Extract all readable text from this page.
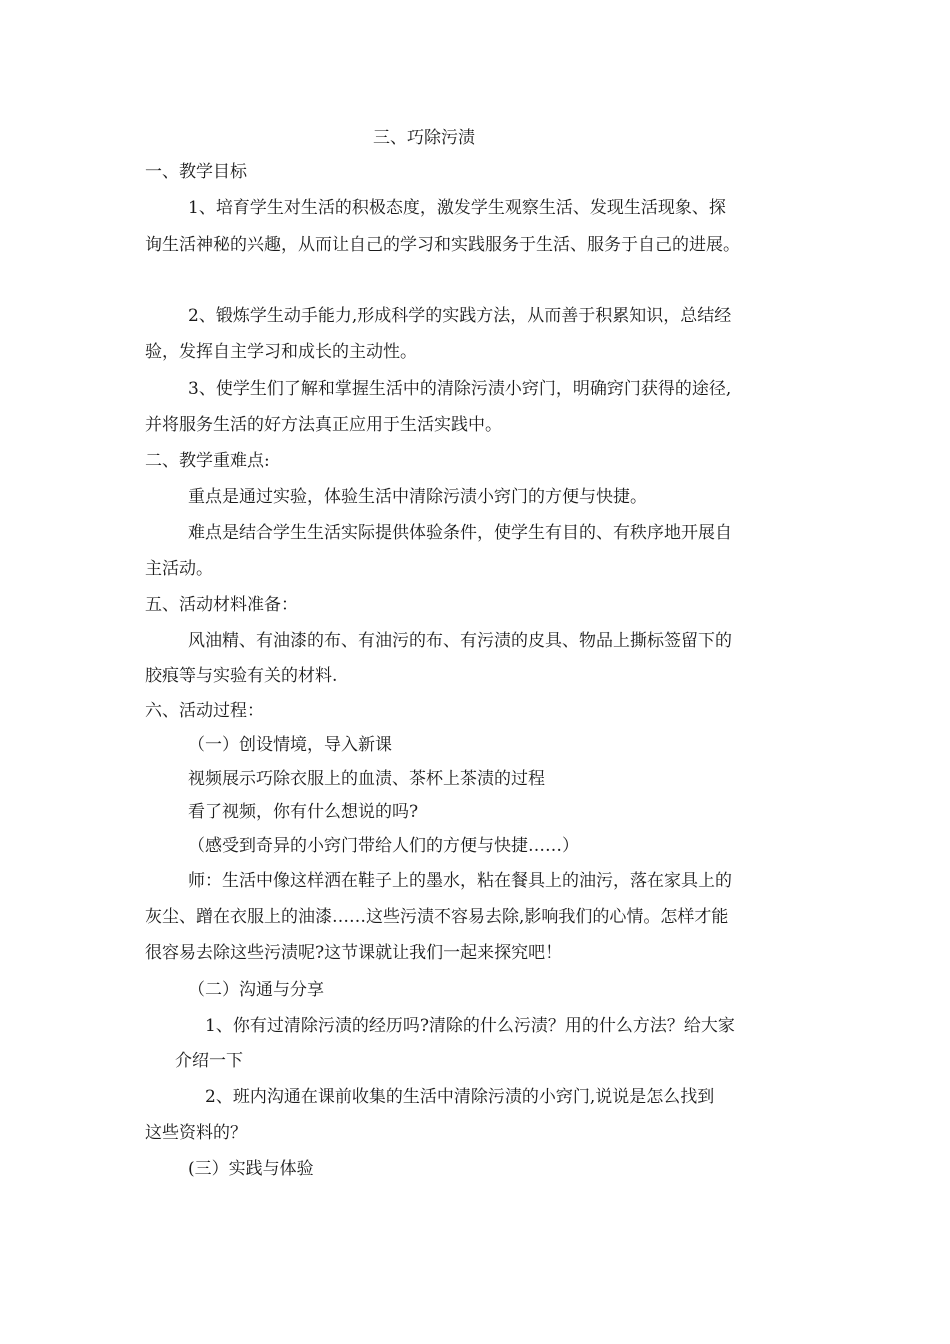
三、巧除污渍

一、教学目标

1、培育学生对生活的积极态度，激发学生观察生活、发现生活现象、探

询生活神秘的兴趣，从而让自己的学习和实践服务于生活、服务于自己的进展。

2、锻炼学生动手能力,形成科学的实践方法，从而善于积累知识，总结经

验，发挥自主学习和成长的主动性。

3、使学生们了解和掌握生活中的清除污渍小窍门，明确窍门获得的途径,

并将服务生活的好方法真正应用于生活实践中。

二、教学重难点:

重点是通过实验，体验生活中清除污渍小窍门的方便与快捷。

难点是结合学生生活实际提供体验条件，使学生有目的、有秩序地开展自

主活动。

五、活动材料准备：

风油精、有油漆的布、有油污的布、有污渍的皮具、物品上撕标签留下的

胶痕等与实验有关的材料.

六、活动过程：

（一）创设情境，导入新课

视频展示巧除衣服上的血渍、茶杯上茶渍的过程

看了视频，你有什么想说的吗?

（感受到奇异的小窍门带给人们的方便与快捷……）

师：生活中像这样洒在鞋子上的墨水，粘在餐具上的油污，落在家具上的

灰尘、蹭在衣服上的油漆……这些污渍不容易去除,影响我们的心情。怎样才能

很容易去除这些污渍呢?这节课就让我们一起来探究吧！

（二）沟通与分享

1、你有过清除污渍的经历吗?清除的什么污渍？用的什么方法？给大家

介绍一下

2、班内沟通在课前收集的生活中清除污渍的小窍门,说说是怎么找到

这些资料的？

(三）实践与体验
